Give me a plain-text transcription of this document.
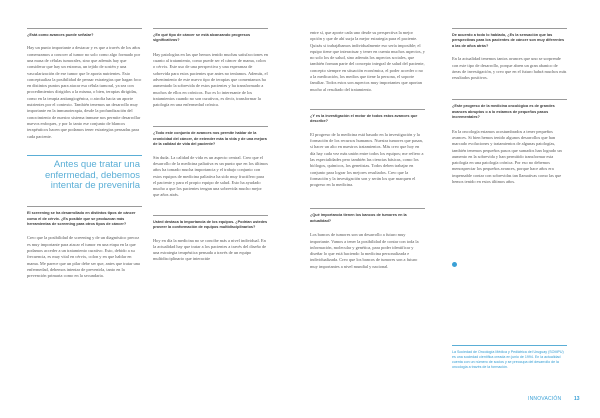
¿Está como avances puede señalar?

Hay un punto importante a destacar y es que a través de los años comenzamos a conocer al tumor no solo como algo formado por una masa de células tumorales, sino que además hay que considerar que hay un estroma, un tejido de sostén y una vascularización de ese tumor que le aporta nutrientes. Esto conceptualiza la posibilidad de pensar estrategias que hagan foco en distintos puntos para atacar esa célula tumoral, ya sea con procedimientos dirigidos a la misma, o bien, terapias dirigidas, como en la terapia antiangiogénica, o atrofia hacia un aporte nutrientes por el contexto. También tenemos un desarrollo muy importante en la inmunoterapia, desde la profundización del conocimiento de nuestro sistema inmune nos permite desarrollar nuevos enfoques, y por lo tanto ese conjunto de blancos terapéuticos hacen que podamos tener estrategias pensadas para cada paciente.

Antes que tratar una enfermedad, debemos intentar de prevenirla

El screening se ha desarrollado en distintos tipos de cáncer como el de cérvix. ¿Es posible que se produzcan más herramientas de screening para otros tipos de cáncer?

Creo que la posibilidad de screening y de un diagnóstico precoz es muy importante para atacar el tumor en una etapa en la que podamos acceder a un tratamiento curativo. Esto, debido a su frecuencia, es muy vital en cérvix, colon y en que hablar en mama. Me parece que un pilar debe ser que, antes que tratar una enfermedad, debemos intentar de prevenirla, tanto en la prevención primaria como en la secundaria.

¿En qué tipo de cáncer se está alcanzando progresos significativos?

Hay patologías en las que hemos tenido muchas satisfacciones en cuanto al tratamiento, como puede ser el cáncer de mama, colon o cérvix. Este uso de una perspectiva y una esperanza de sobrevida para estos pacientes que antes no teníamos. Además, el advenimiento de este nuevo tipo de terapias que comentamos ha aumentado la sobrevida de estos pacientes y ha transformado a muchos de ellos en crónicos. Eso es lo interesante de los tratamientos cuando no son curativos, es decir, transformar la patología en una enfermedad crónica.

¿Todo este conjunto de avances nos permite hablar de la cronicidad del cáncer, de extender más la vida y de una mejora de la calidad de vida del paciente?

Sin duda. La calidad de vida es un aspecto central. Creo que el desarrollo de la medicina paliativa es un punto que en los últimos años ha tomado mucha importancia y el trabajo conjunto con estos equipos de medicina paliativa ha sido muy fructífero para el paciente y para el propio equipo de salud. Esto ha ayudado mucho a que los pacientes tengan una sobrevida mucho mejor que años atrás.

Usted destaca la importancia de los equipos. ¿Podrían ustedes proveer la conformación de equipos multidisciplinarios?

Hoy en día la medicina no se concibe más a nivel individual. En la actualidad hay que tratar a los pacientes a través del diseño de una estrategia terapéutica pensada a través de un equipo multidisciplinario que interactúe

entre sí, que aporte cada uno desde su perspectiva la mejor opción y que de ahí surja la mejor estrategia para el paciente. Quizás si trabajábamos individualmente eso sería imposible; el equipo tiene que interactuar y tener en cuenta muchos aspectos, y no solo los de salud, sino además los aspectos sociales, que también forman parte del concepto integral de salud del paciente, concepto siempre en situación económica, el poder acceder o no a la medicación, los medios que tiene la persona, el soporte familiar. Todos estos son aspectos muy importantes que aportan mucho al resultado del tratamiento.

¿Y es la investigación el motor de todos estos avances que describe?

El progreso de la medicina está basado en la investigación y la formación de los recursos humanos. Nuestra tumores que pasan, si hacer un alto en nuestros tratamientos. Más creo que hoy en día hay cada vez más unión entre todos los equipos; me refiero a las especialidades pero también las ciencias básicas, como los biólogos, químicos, los genetistas. Todos deben trabajar en conjunto para lograr los mejores resultados. Creo que la formación y la investigación son y serán los que marquen el progreso en la medicina.

¿Qué importancia tienen los bancos de tumores en la actualidad?

Los bancos de tumores son un desarrollo a futuro muy importante. Vamos a tener la posibilidad de contar con toda la información, molecular y genética, para poder identificar y diseñar lo que está haciendo la medicina personalizada e individualizada. Creo que los bancos de tumores son a futuro muy importantes a nivel mundial y nacional.

De acuerdo a todo lo hablado, ¿Es la sensación que las perspectivas para los pacientes de cáncer son muy diferentes a las de años atrás?

En la actualidad tenemos tantos avances que uno se sorprende con este tipo de desarrollo, porque abren un gran abanico de áreas de investigación, y creo que en el futuro habrá muchos más resultados positivos.

¿Este progreso de la medicina oncológica es de grandes avances abruptos o a lo estamos de pequeños pasos incrementales?

En la oncología estamos acostumbrados a tener pequeños avances. Si bien hemos tenido algunos desarrollos que han marcado evoluciones y tratamientos de algunas patologías, también tenemos pequeños pasos que sumados han logrado un aumento en la sobrevida y han permitido transformar esta patología en una patología crónica. Por eso no debemos menospreciar los pequeños avances, porque hace años era impensable contar con sobrevidas tan llamativas como las que hemos tenido en estos últimos años.

La Sociedad de Oncología Médica y Pediátrica del Uruguay (SOMPU) es una sociedad científica creada en junio de 1994. En la actualidad cuenta con un número de socios y se preocupa del desarrollo de la oncología a través de la formación.

INNOVACIÓN	13
